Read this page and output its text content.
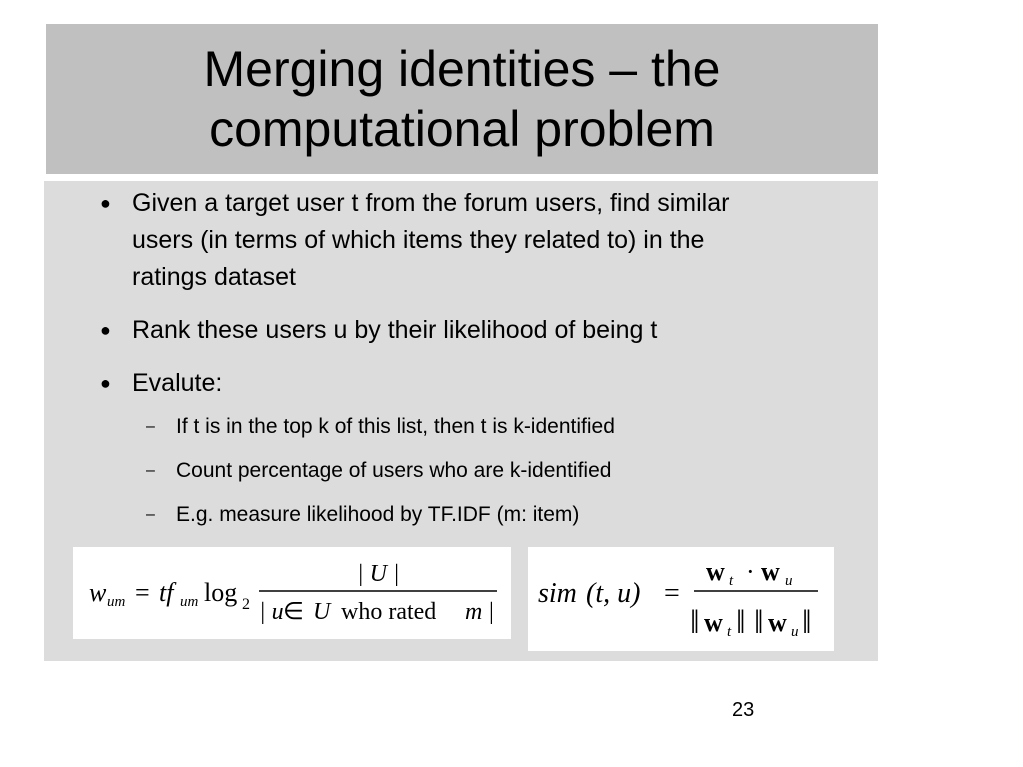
Merging identities – the
computational problem
● Given a target user t from the forum users, find similar
users (in terms of which items they related to) in the
ratings dataset
● Rank these users u by their likelihood of being t
● Evalute:
– If t is in the top k of this list, then t is k-identified
– Count percentage of users who are k-identified
– E.g. measure likelihood by TF.IDF (m: item)
w um = tf um log 2
| U |
| u ∈ U who rated m |
sim (t, u) =
w t · w u
‖ w t ‖ ‖ w u ‖
23
